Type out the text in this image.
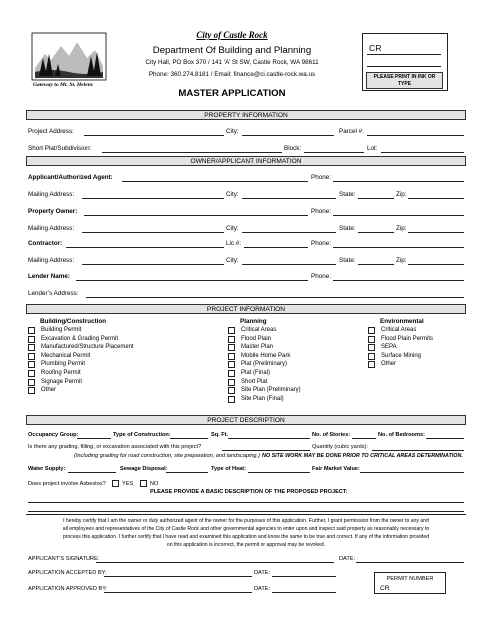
Gateway to Mt. St. Helens
City of Castle Rock
Department Of Building and Planning
City Hall, PO Box 370 / 141 ‘A’ St SW, Castle Rock, WA 98611
Phone: 360.274.8181 / Email: finance@ci.castle-rock.wa.us
MASTER APPLICATION
CR
PLEASE PRINT IN INK OR TYPE
PROPERTY INFORMATION
Project Address:	City:	Parcel #:
Short Plat/Subdivision:	Block:	Lot:
OWNER/APPLICANT INFORMATION
Applicant/Authorized Agent:	Phone:
Mailing Address:	City:	State:	Zip:
Property Owner:	Phone:
Mailing Address:	City:	State:	Zip:
Contractor:	Lic #:	Phone:
Mailing Address:	City:	State:	Zip:
Lender Name:	Phone:
Lender’s Address:
PROJECT INFORMATION
Building/Construction	Planning	Environmental
Building Permit
Excavation & Grading Permit
Manufactured/Structure Placement
Mechanical Permit
Plumbing Permit
Roofing Permit
Signage Permit
Other
Critical Areas
Flood Plain
Master Plan
Mobile Home Park
Plat (Preliminary)
Plat (Final)
Short Plat
Site Plan (Preliminary)
Site Plan (Final)
Critical Areas
Flood Plain Permits
SEPA
Surface Mining
Other
PROJECT DESCRIPTION
Occupancy Group:	Type of Construction:	Sq. Ft.	No. of Stories:	No. of Bedrooms:
Is there any grading, filling, or excavation associated with this project?	Quantity (cubic yards):
(Including grading for road construction, site preparation, and landscaping.) NO SITE WORK MAY BE DONE PRIOR TO CRITICAL AREAS DETERMINATION.
Water Supply:	Sewage Disposal:	Type of Heat:	Fair Market Value:
Does project involve Asbestos?	YES	NO
PLEASE PROVIDE A BASIC DESCRIPTION OF THE PROPOSED PROJECT:
I hereby certify that I am the owner or duly authorized agent of the owner for the purposes of this application. Further, I grant permission from the owner to any and
all employees and representatives of the City of Castle Rock and other governmental agencies to enter upon and inspect said property as reasonably necessary to
process this application. I further certify that I have read and examined this application and know the same to be true and correct. If any of the information provided
on this application is incorrect, the permit or approval may be revoked.
APPLICANT’S SIGNATURE:	DATE:
APPLICATION ACCEPTED BY:	DATE:
APPLICATION APPROVED BY:	DATE:
PERMIT NUMBER
CR
